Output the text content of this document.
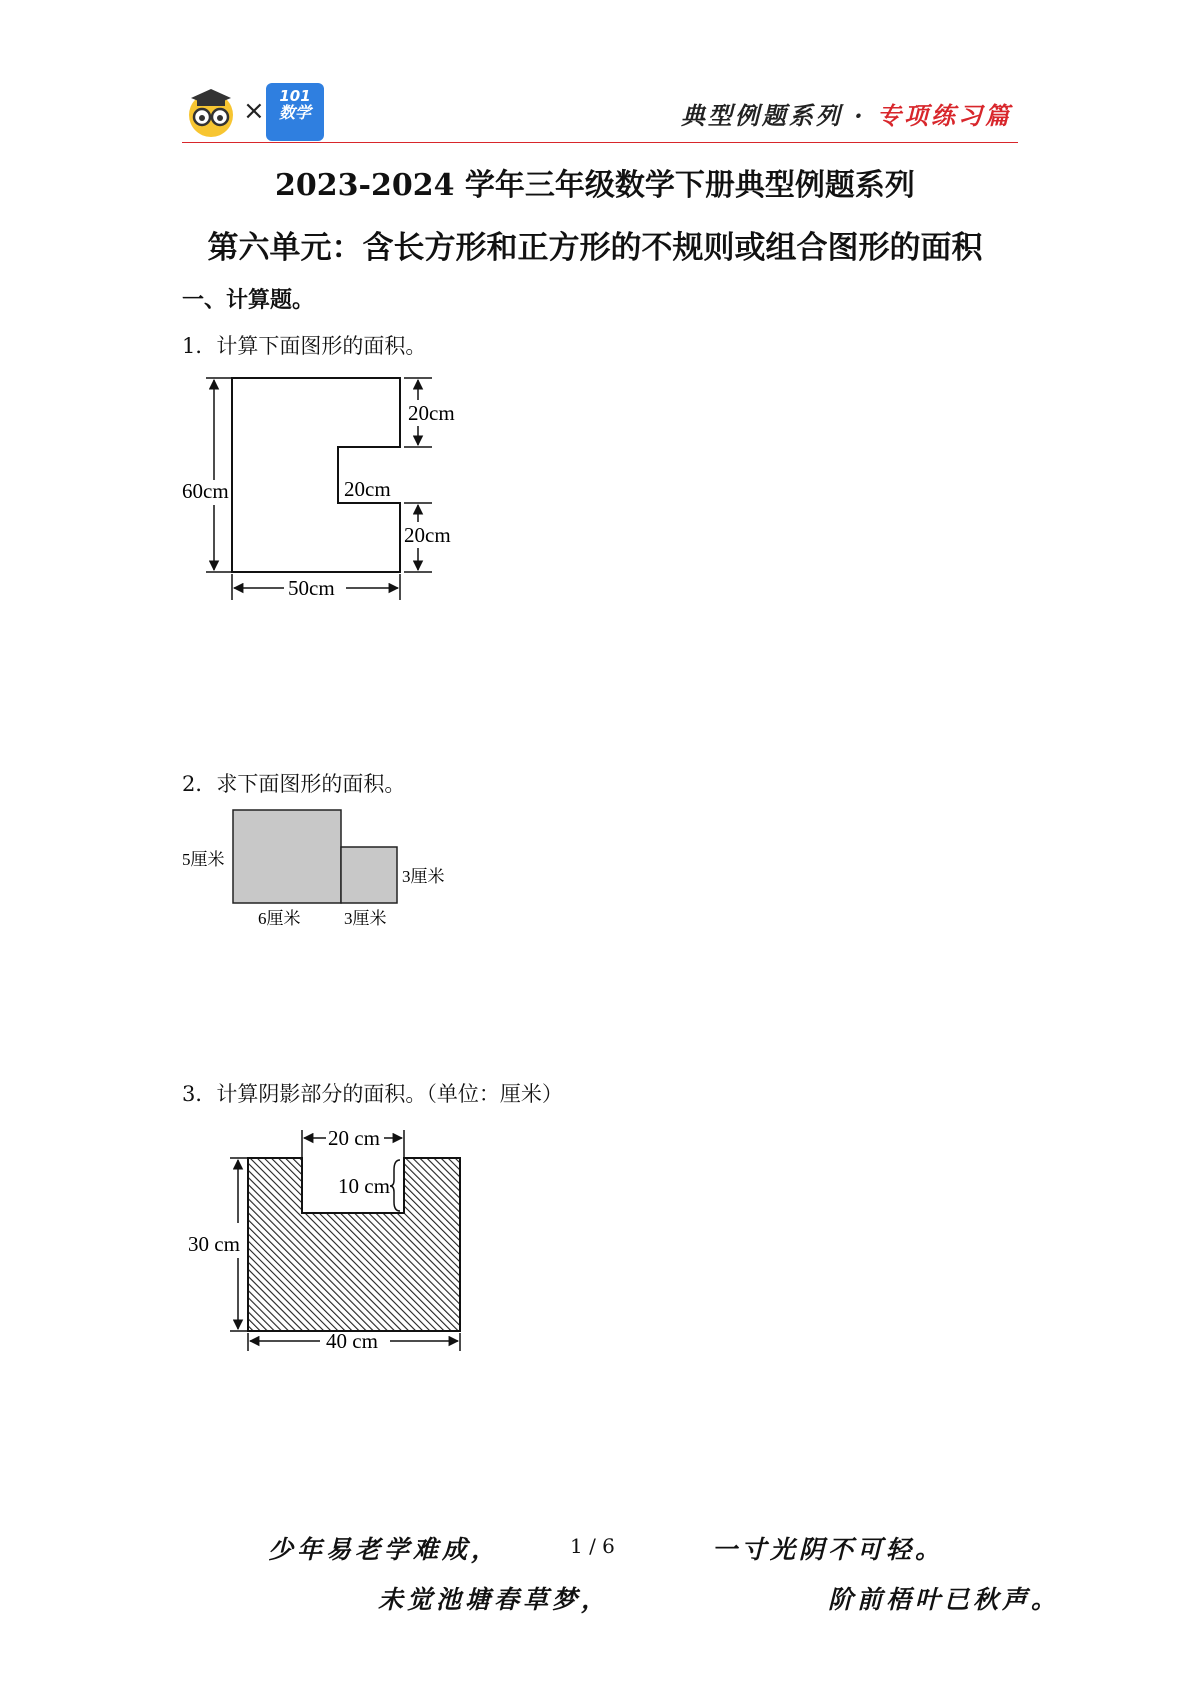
× 101
数学	典型例题系列 · 专项练习篇
2023-2024 学年三年级数学下册典型例题系列
第六单元：含长方形和正方形的不规则或组合图形的面积
一、计算题。
1．计算下面图形的面积。
60cm
20cm
20cm
20cm
50cm
2．求下面图形的面积。
5厘米
3厘米
6厘米	3厘米
3．计算阴影部分的面积。（单位：厘米）
20 cm
10 cm
30 cm
40 cm
少年易老学难成，	1 / 6	一寸光阴不可轻。
未觉池塘春草梦，	阶前梧叶已秋声。
